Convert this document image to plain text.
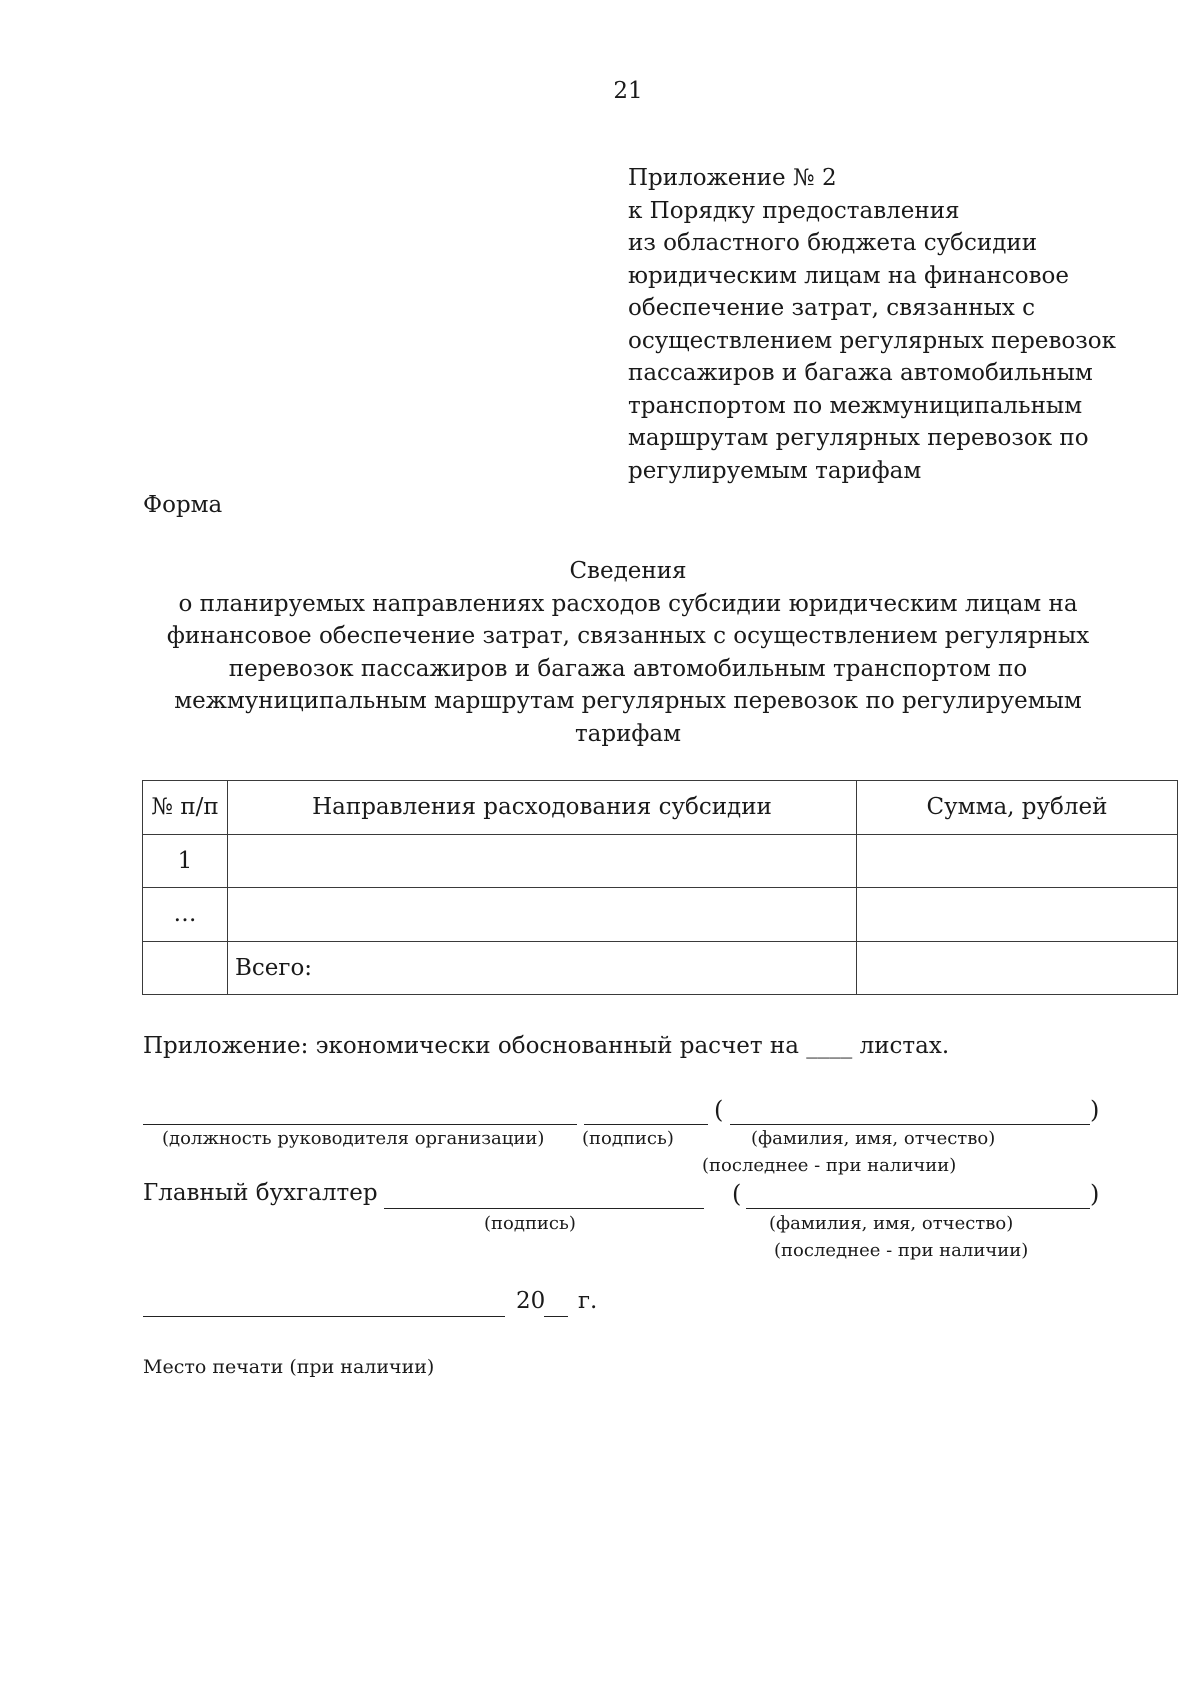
21
Приложение № 2
к Порядку предоставления
из областного бюджета субсидии
юридическим лицам на финансовое
обеспечение затрат, связанных с
осуществлением регулярных перевозок
пассажиров и багажа автомобильным
транспортом по межмуниципальным
маршрутам регулярных перевозок по
регулируемым тарифам
Форма
Сведения
о планируемых направлениях расходов субсидии юридическим лицам на
финансовое обеспечение затрат, связанных с осуществлением регулярных
перевозок пассажиров и багажа автомобильным транспортом по
межмуниципальным маршрутам регулярных перевозок по регулируемым
тарифам
№ п/п	Направления расходования субсидии	Сумма, рублей
1		
…		
	Всего:	
Приложение: экономически обоснованный расчет на ____ листах.
(	)
(должность руководителя организации) (подпись)	(фамилия, имя, отчество)
(последнее - при наличии)
Главный бухгалтер	(	)
(подпись)	(фамилия, имя, отчество)
(последнее - при наличии)
20 г.
Место печати (при наличии)
